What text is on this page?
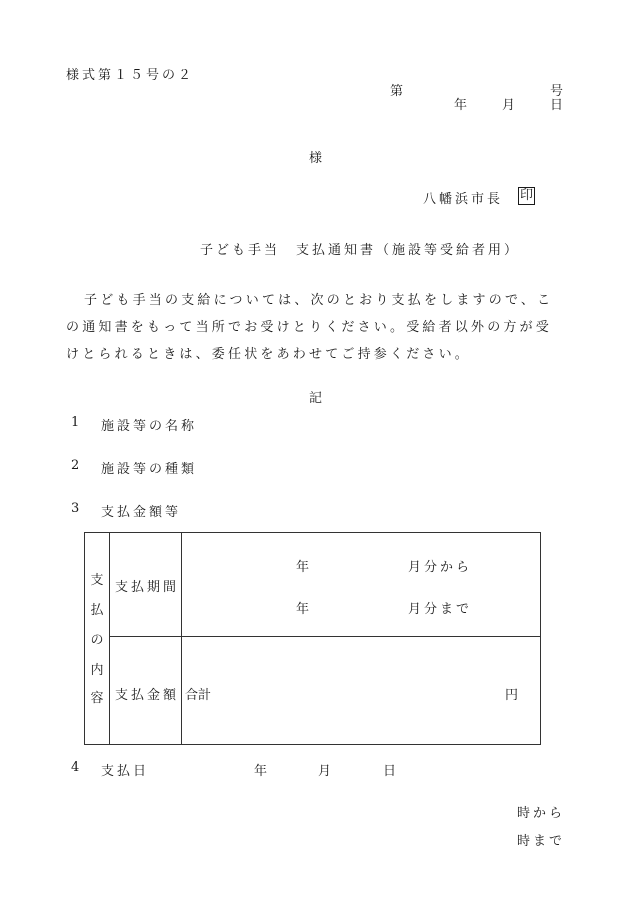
様式第１５号の２
第	号
年	月	日
様
八幡浜市長 印
子ども手当　支払通知書（施設等受給者用）
子ども手当の支給については、次のとおり支払をしますので、この通知書をもって当所でお受けとりください。受給者以外の方が受けとられるときは、委任状をあわせてご持参ください。
記
1 施設等の名称
2 施設等の種類
3 支払金額等
支
払
の
内
容
支払期間
年	月分から
年	月分まで
支払金額 合計	円
4 支払日	年	月	日
時から
時まで
